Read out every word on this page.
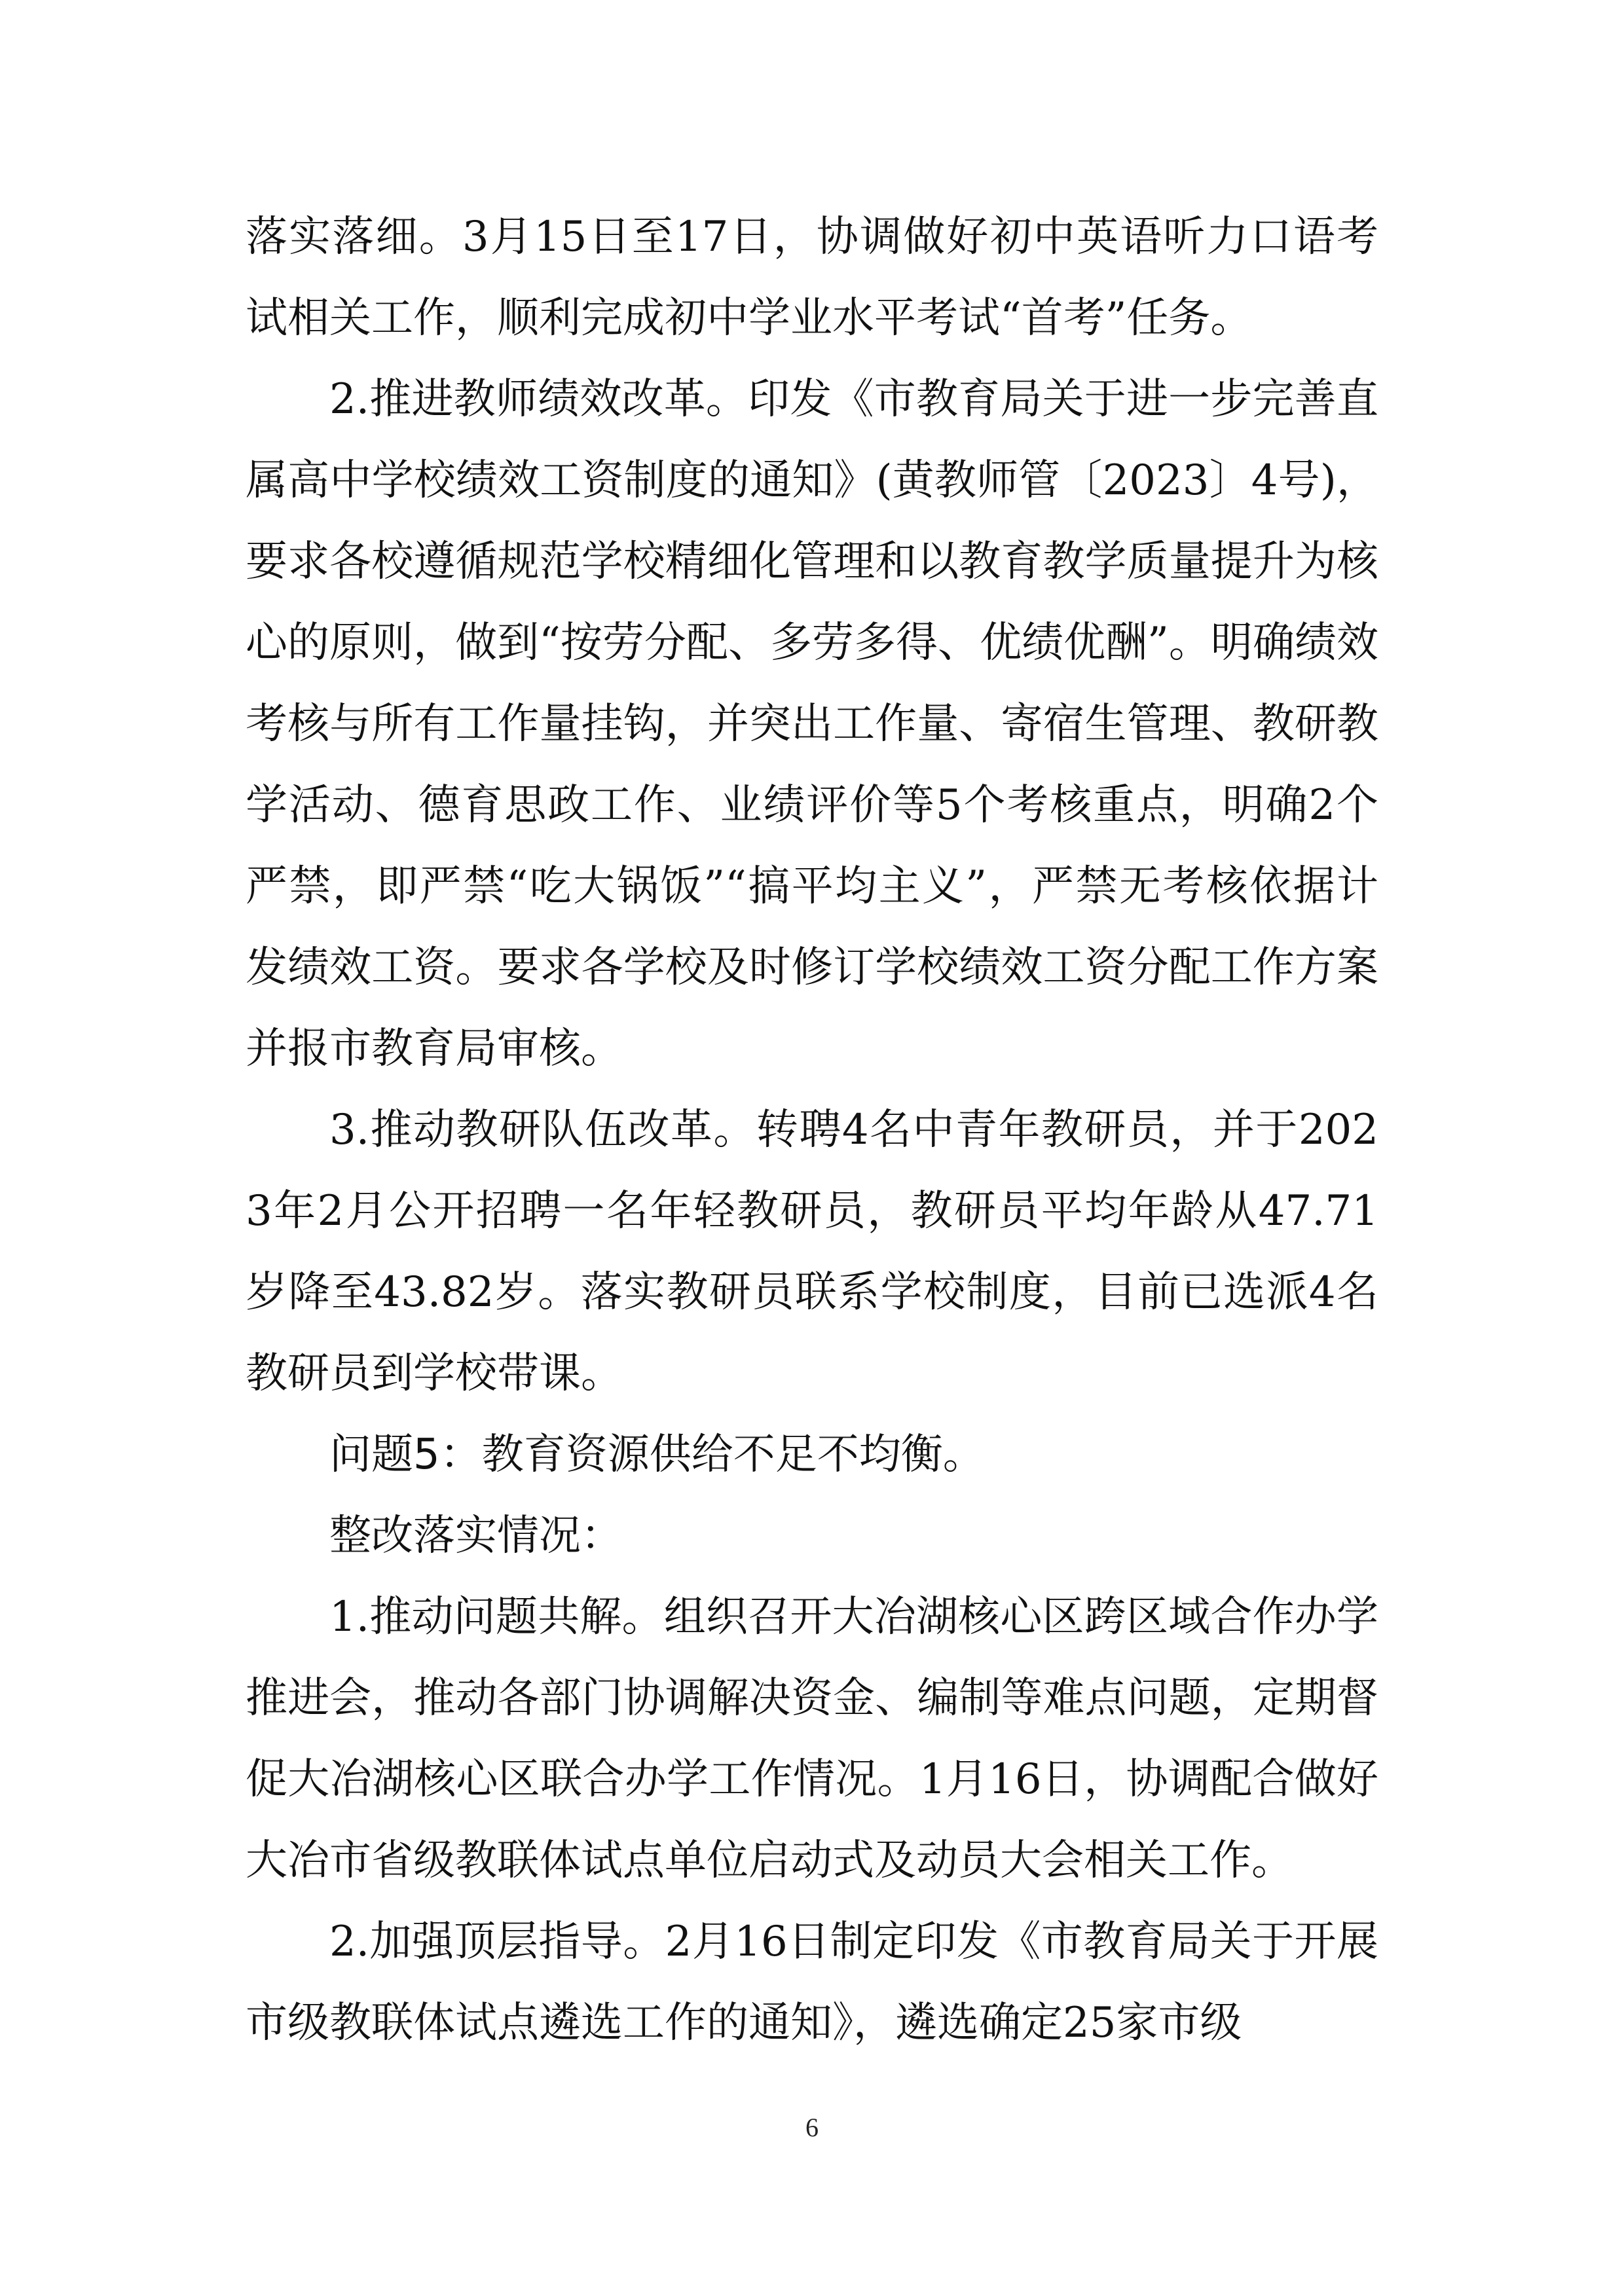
落实落细。3月15日至17日，协调做好初中英语听力口语考试相关工作，顺利完成初中学业水平考试“首考”任务。

2.推进教师绩效改革。印发《市教育局关于进一步完善直属高中学校绩效工资制度的通知》(黄教师管〔2023〕4号)，要求各校遵循规范学校精细化管理和以教育教学质量提升为核心的原则，做到“按劳分配、多劳多得、优绩优酬”。明确绩效考核与所有工作量挂钩，并突出工作量、寄宿生管理、教研教学活动、德育思政工作、业绩评价等5个考核重点，明确2个严禁，即严禁“吃大锅饭”“搞平均主义”，严禁无考核依据计发绩效工资。要求各学校及时修订学校绩效工资分配工作方案并报市教育局审核。

3.推动教研队伍改革。转聘4名中青年教研员，并于2023年2月公开招聘一名年轻教研员，教研员平均年龄从47.71岁降至43.82岁。落实教研员联系学校制度，目前已选派4名教研员到学校带课。

问题5：教育资源供给不足不均衡。

整改落实情况：

1.推动问题共解。组织召开大冶湖核心区跨区域合作办学推进会，推动各部门协调解决资金、编制等难点问题，定期督促大冶湖核心区联合办学工作情况。1月16日，协调配合做好大冶市省级教联体试点单位启动式及动员大会相关工作。

2.加强顶层指导。2月16日制定印发《市教育局关于开展市级教联体试点遴选工作的通知》，遴选确定25家市级

6
